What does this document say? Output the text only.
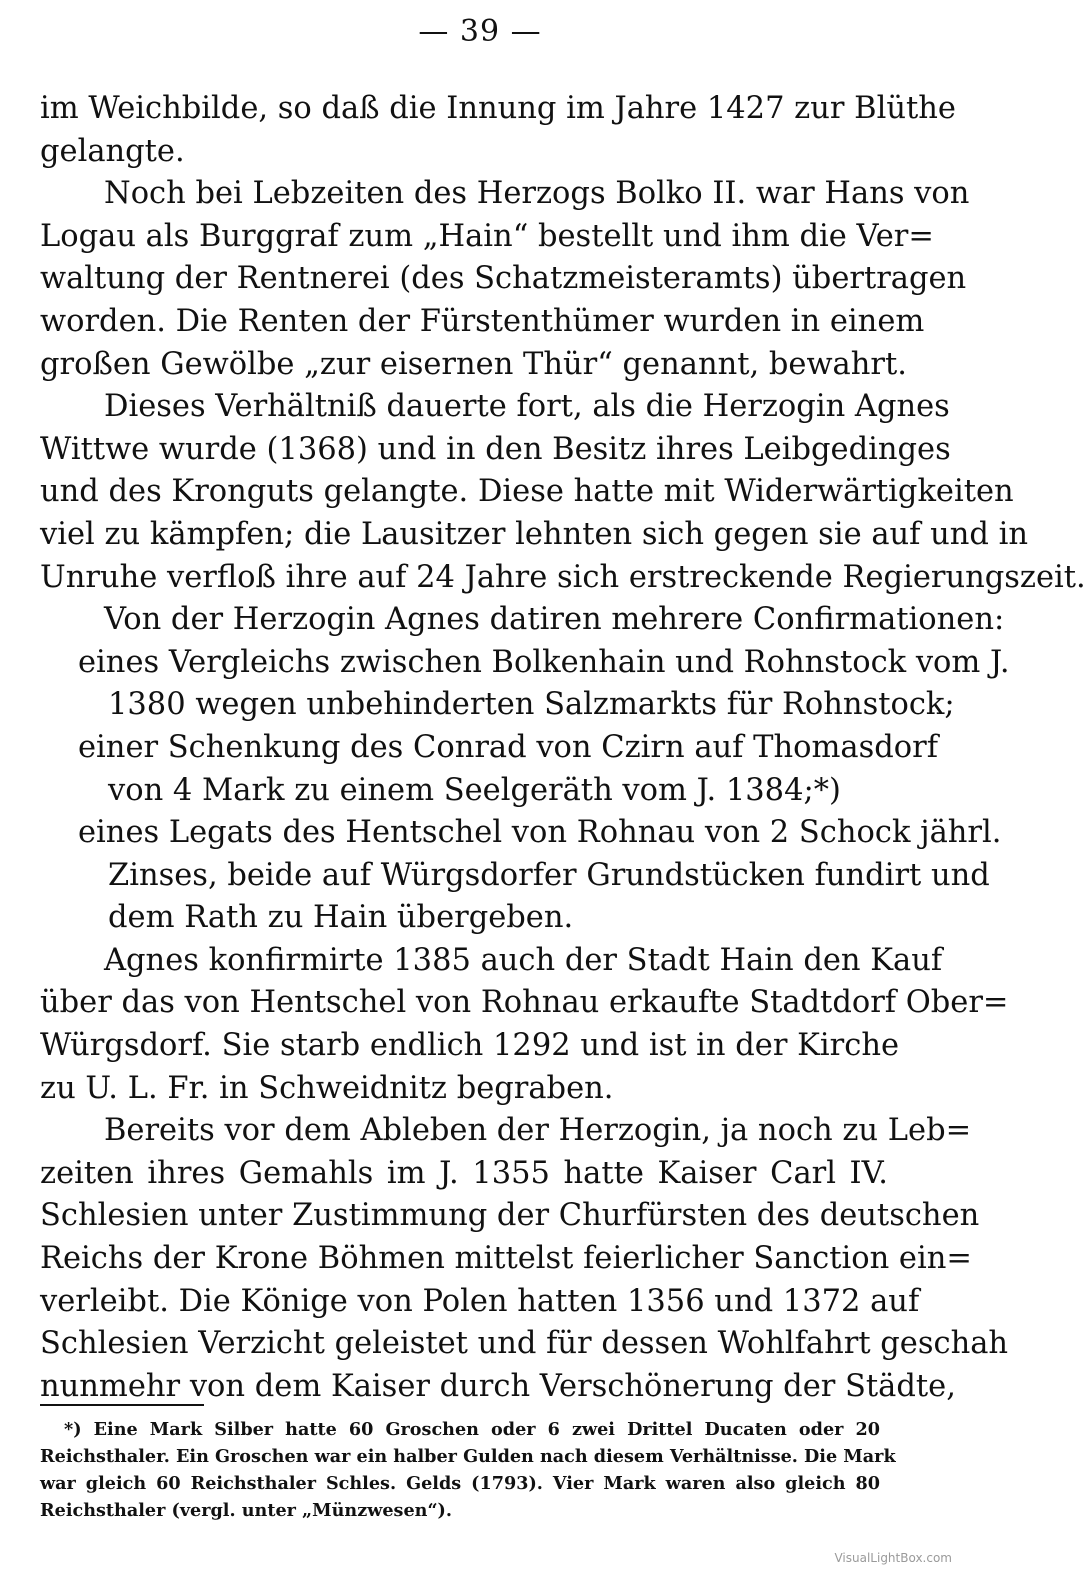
— 39 —
im Weichbilde, so daß die Innung im Jahre 1427 zur Blüthe
gelangte.
Noch bei Lebzeiten des Herzogs Bolko II. war Hans von
Logau als Burggraf zum „Hain“ bestellt und ihm die Ver=
waltung der Rentnerei (des Schatzmeisteramts) übertragen
worden. Die Renten der Fürstenthümer wurden in einem
großen Gewölbe „zur eisernen Thür“ genannt, bewahrt.
Dieses Verhältniß dauerte fort, als die Herzogin Agnes
Wittwe wurde (1368) und in den Besitz ihres Leibgedinges
und des Kronguts gelangte. Diese hatte mit Widerwärtigkeiten
viel zu kämpfen; die Lausitzer lehnten sich gegen sie auf und in
Unruhe verfloß ihre auf 24 Jahre sich erstreckende Regierungszeit.
Von der Herzogin Agnes datiren mehrere Confirmationen:
eines Vergleichs zwischen Bolkenhain und Rohnstock vom J.
1380 wegen unbehinderten Salzmarkts für Rohnstock;
einer Schenkung des Conrad von Czirn auf Thomasdorf
von 4 Mark zu einem Seelgeräth vom J. 1384;*)
eines Legats des Hentschel von Rohnau von 2 Schock jährl.
Zinses, beide auf Würgsdorfer Grundstücken fundirt und
dem Rath zu Hain übergeben.
Agnes konfirmirte 1385 auch der Stadt Hain den Kauf
über das von Hentschel von Rohnau erkaufte Stadtdorf Ober=
Würgsdorf. Sie starb endlich 1292 und ist in der Kirche
zu U. L. Fr. in Schweidnitz begraben.
Bereits vor dem Ableben der Herzogin, ja noch zu Leb=
zeiten ihres Gemahls im J. 1355 hatte Kaiser Carl IV.
Schlesien unter Zustimmung der Churfürsten des deutschen
Reichs der Krone Böhmen mittelst feierlicher Sanction ein=
verleibt. Die Könige von Polen hatten 1356 und 1372 auf
Schlesien Verzicht geleistet und für dessen Wohlfahrt geschah
nunmehr von dem Kaiser durch Verschönerung der Städte,
*) Eine Mark Silber hatte 60 Groschen oder 6 zwei Drittel Ducaten oder 20
Reichsthaler. Ein Groschen war ein halber Gulden nach diesem Verhältnisse. Die Mark
war gleich 60 Reichsthaler Schles. Gelds (1793). Vier Mark waren also gleich 80
Reichsthaler (vergl. unter „Münzwesen“).
VisualLightBox.com
